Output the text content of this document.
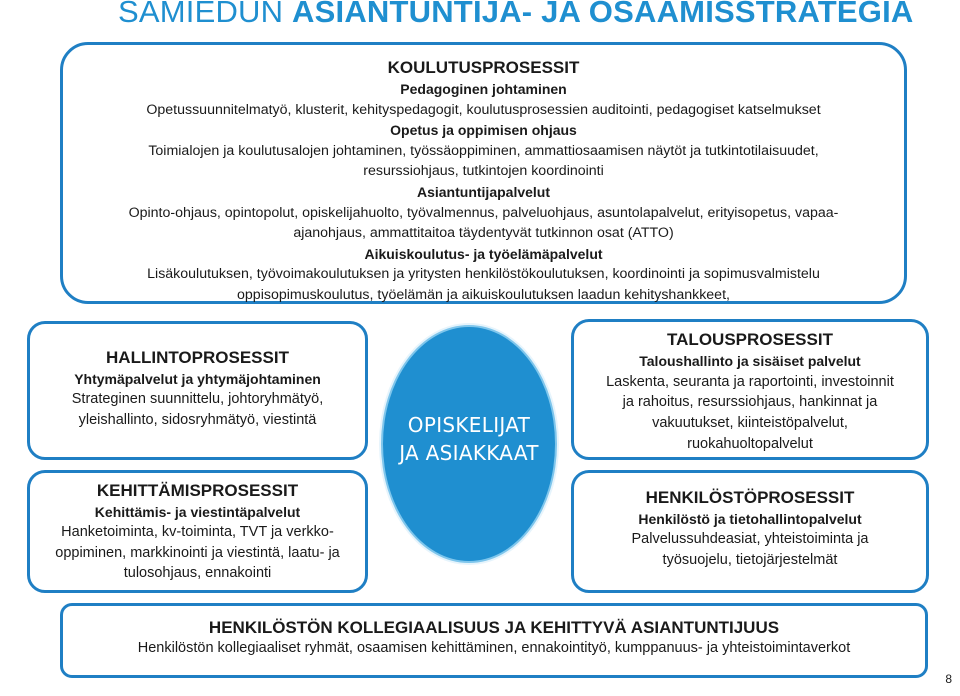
SAMIEDUN ASIANTUNTIJA- JA OSAAMISSTRATEGIA
KOULUTUSPROSESSIT
Pedagoginen johtaminen
Opetussuunnitelmatyö, klusterit, kehityspedagogit, koulutusprosessien auditointi, pedagogiset katselmukset
Opetus ja oppimisen ohjaus
Toimialojen ja koulutusalojen johtaminen, työssäoppiminen, ammattiosaamisen näytöt ja tutkintotilaisuudet,
resurssiohjaus, tutkintojen koordinointi
Asiantuntijapalvelut
Opinto-ohjaus, opintopolut, opiskelijahuolto, työvalmennus, palveluohjaus, asuntolapalvelut, erityisopetus, vapaa-
ajanohjaus, ammattitaitoa täydentyvät tutkinnon osat (ATTO)
Aikuiskoulutus- ja työelämäpalvelut
Lisäkoulutuksen, työvoimakoulutuksen ja yritysten henkilöstökoulutuksen, koordinointi ja sopimusvalmistelu
oppisopimuskoulutus, työelämän ja aikuiskoulutuksen laadun kehityshankkeet,
HALLINTOPROSESSIT
Yhtymäpalvelut ja yhtymäjohtaminen
Strateginen suunnittelu, johtoryhmätyö,
yleishallinto, sidosryhmätyö, viestintä
KEHITTÄMISPROSESSIT
Kehittämis- ja viestintäpalvelut
Hanketoiminta, kv-toiminta, TVT ja verkko-
oppiminen, markkinointi ja viestintä, laatu- ja
tulosohjaus, ennakointi
OPISKELIJAT
JA ASIAKKAAT
TALOUSPROSESSIT
Taloushallinto ja sisäiset palvelut
Laskenta, seuranta ja raportointi, investoinnit
ja rahoitus, resurssiohjaus, hankinnat ja
vakuutukset, kiinteistöpalvelut,
ruokahuoltopalvelut
HENKILÖSTÖPROSESSIT
Henkilöstö ja tietohallintopalvelut
Palvelussuhdeasiat, yhteistoiminta ja
työsuojelu, tietojärjestelmät
HENKILÖSTÖN KOLLEGIAALISUUS JA KEHITTYVÄ ASIANTUNTIJUUS
Henkilöstön kollegiaaliset ryhmät, osaamisen kehittäminen, ennakointityö, kumppanuus- ja yhteistoimintaverkot
8
